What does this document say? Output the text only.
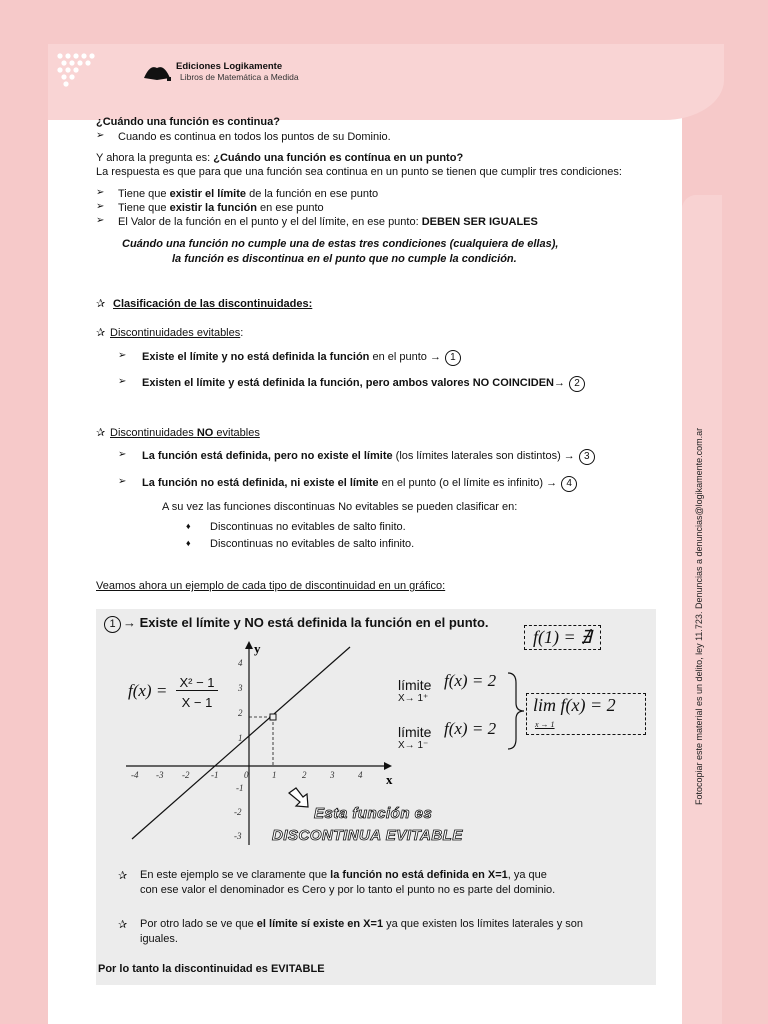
Ediciones Logikamente
Libros de Matemática a Medida
Fotocopiar este material es un delito, ley 11.723. Denuncias a denuncias@logikamente.com.ar
¿Cuándo una función es continua?
➢ Cuando es continua en todos los puntos de su Dominio.
Y ahora la pregunta es: ¿Cuándo una función es contínua en un punto?
La respuesta es que para que una función sea continua en un punto se tienen que cumplir tres condiciones:
➢ Tiene que existir el límite de la función en ese punto
➢ Tiene que existir la función en ese punto
➢ El Valor de la función en el punto y el del límite, en ese punto: DEBEN SER IGUALES
Cuándo una función no cumple una de estas tres condiciones (cualquiera de ellas),
la función es discontinua en el punto que no cumple la condición.
✰ Clasificación de las discontinuidades:
✰ Discontinuidades evitables:
➢ Existe el límite y no está definida la función en el punto → 1
➢ Existen el límite y está definida la función, pero ambos valores NO COINCIDEN→ 2
✰ Discontinuidades NO evitables
➢ La función está definida, pero no existe el límite (los límites laterales son distintos) → 3
➢ La función no está definida, ni existe el límite en el punto (o el límite es infinito) → 4
A su vez las funciones discontinuas No evitables se pueden clasificar en:
♦ Discontinuas no evitables de salto finito.
♦ Discontinuas no evitables de salto infinito.
Veamos ahora un ejemplo de cada tipo de discontinuidad en un gráfico:
1 → Existe el límite y NO está definida la función en el punto.
f(1) = ∄
-4 -3 -2 -1	0	1	2	3	4
4
3
2
1
-1
-2
-3
x
y
f(x) = X² − 1
X − 1
límite
X→ 1⁺
f(x) = 2
límite
X→ 1⁻
f(x) = 2
lim f(x) = 2
x → 1
Esta función es
DISCONTINUA EVITABLE
✰ En este ejemplo se ve claramente que la función no está definida en X=1, ya que
con ese valor el denominador es Cero y por lo tanto el punto no es parte del dominio.
✰ Por otro lado se ve que el límite sí existe en X=1 ya que existen los límites laterales y son
iguales.
Por lo tanto la discontinuidad es EVITABLE
